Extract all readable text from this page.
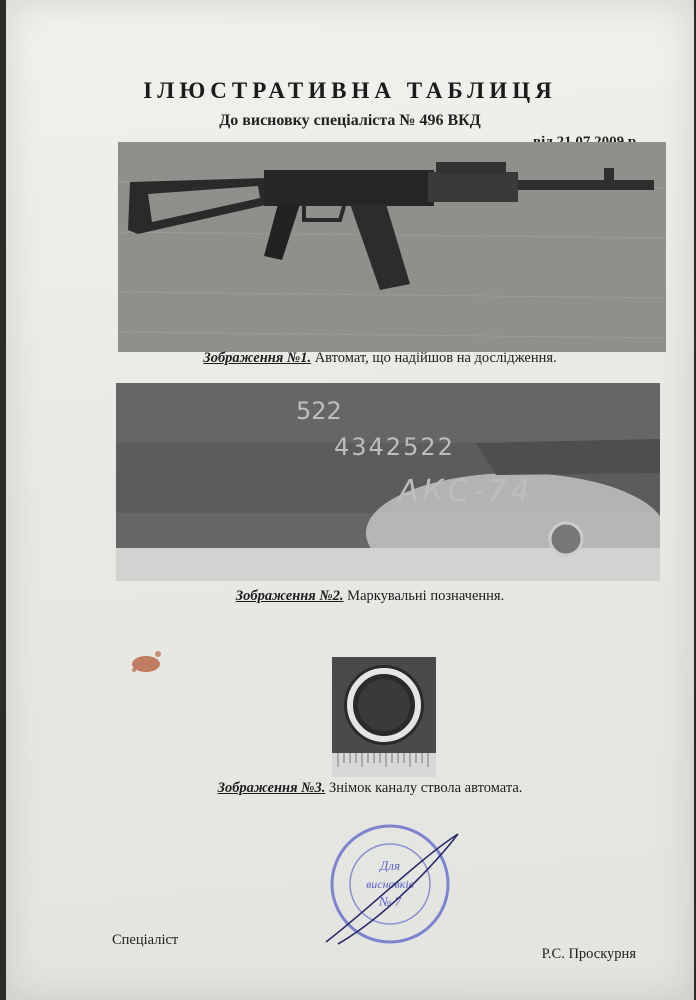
ІЛЮСТРАТИВНА ТАБЛИЦЯ
До висновку спеціаліста № 496 ВКД
Зображення №1. Автомат, що надійшов на дослідження.
522
4342522
АКС-74
Зображення №2. Маркувальні позначення.
Зображення №3. Знімок каналу ствола автомата.
Для
висновків
№ 7
Спеціаліст
Р.С. Проскурня
